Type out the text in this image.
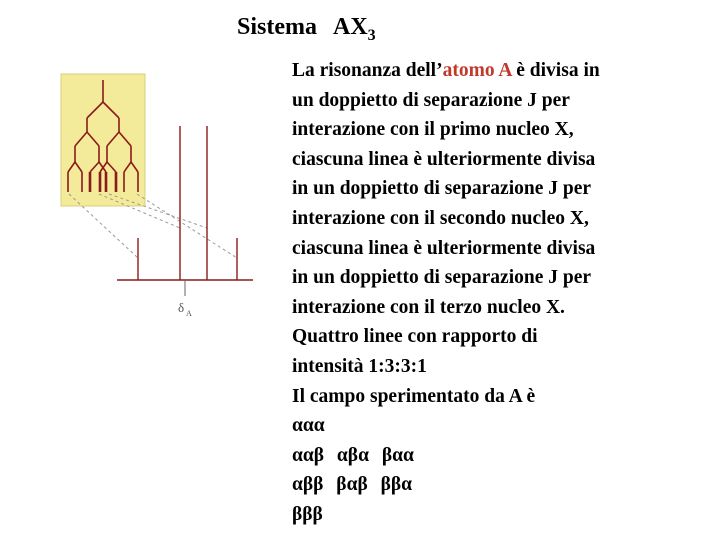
Sistema $AX_3$
δ A
La risonanza dell’atomo A è divisa in
un doppietto di separazione J per
interazione con il primo nucleo X,
ciascuna linea è ulteriormente divisa
in un doppietto di separazione J per
interazione con il secondo nucleo X,
ciascuna linea è ulteriormente divisa
in un doppietto di separazione J per
interazione con il terzo nucleo X.
Quattro linee con rapporto di
intensità 1:3:3:1
Il campo sperimentato da A è
ααα
ααβ αβα βαα
αββ βαβ ββα
βββ
